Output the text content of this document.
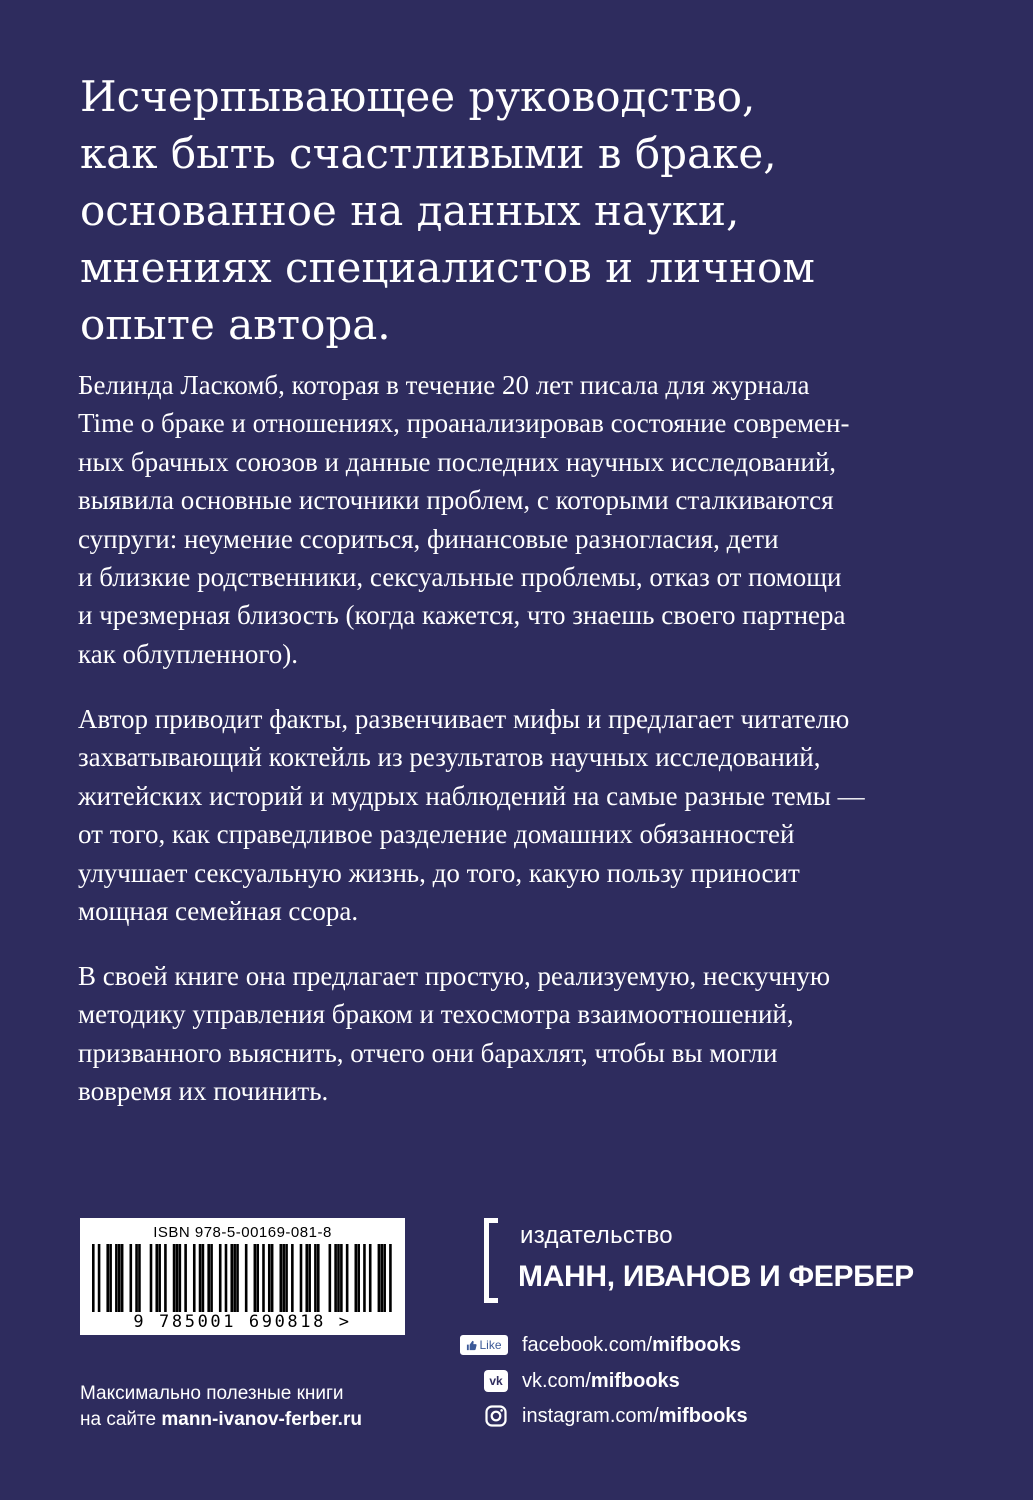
Исчерпывающее руководство,
как быть счастливыми в браке,
основанное на данных науки,
мнениях специалистов и личном
опыте автора.

Белинда Ласкомб, которая в течение 20 лет писала для журнала
Time о браке и отношениях, проанализировав состояние современ-
ных брачных союзов и данные последних научных исследований,
выявила основные источники проблем, с которыми сталкиваются
супруги: неумение ссориться, финансовые разногласия, дети
и близкие родственники, сексуальные проблемы, отказ от помощи
и чрезмерная близость (когда кажется, что знаешь своего партнера
как облупленного).

Автор приводит факты, развенчивает мифы и предлагает читателю
захватывающий коктейль из результатов научных исследований,
житейских историй и мудрых наблюдений на самые разные темы —
от того, как справедливое разделение домашних обязанностей
улучшает сексуальную жизнь, до того, какую пользу приносит
мощная семейная ссора.

В своей книге она предлагает простую, реализуемую, нескучную
методику управления браком и техосмотра взаимоотношений,
призванного выяснить, отчего они барахлят, чтобы вы могли
вовремя их починить.

ISBN 978-5-00169-081-8
9 785001 690818 >
Максимально полезные книги
на сайте mann-ivanov-ferber.ru
издательство
МАНН, ИВАНОВ И ФЕРБЕР
Like facebook.com/mifbooks
vk vk.com/mifbooks
instagram.com/mifbooks
